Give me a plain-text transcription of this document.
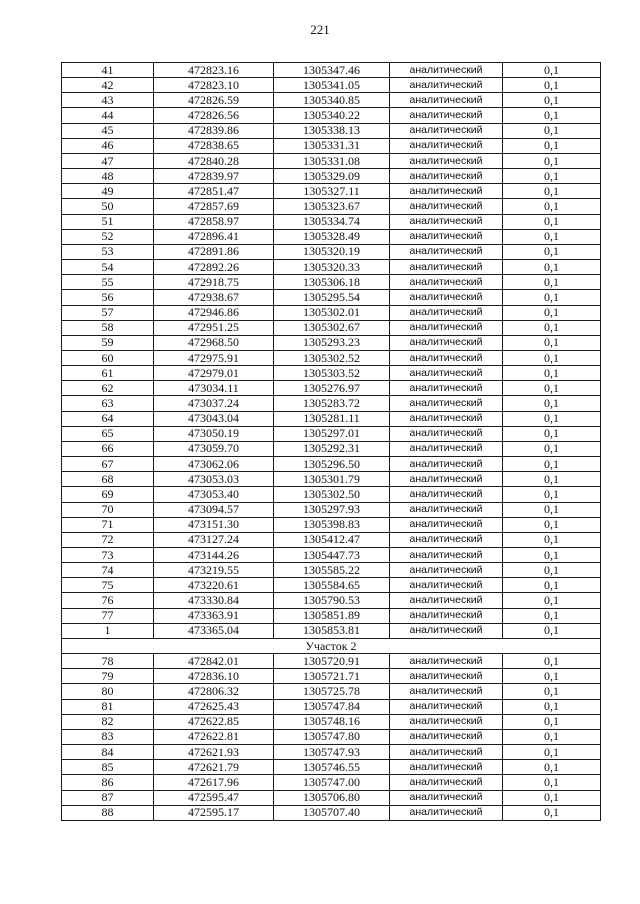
221
41	472823.16	1305347.46	аналитический	0,1
42	472823.10	1305341.05	аналитический	0,1
43	472826.59	1305340.85	аналитический	0,1
44	472826.56	1305340.22	аналитический	0,1
45	472839.86	1305338.13	аналитический	0,1
46	472838.65	1305331.31	аналитический	0,1
47	472840.28	1305331.08	аналитический	0,1
48	472839.97	1305329.09	аналитический	0,1
49	472851.47	1305327.11	аналитический	0,1
50	472857.69	1305323.67	аналитический	0,1
51	472858.97	1305334.74	аналитический	0,1
52	472896.41	1305328.49	аналитический	0,1
53	472891.86	1305320.19	аналитический	0,1
54	472892.26	1305320.33	аналитический	0,1
55	472918.75	1305306.18	аналитический	0,1
56	472938.67	1305295.54	аналитический	0,1
57	472946.86	1305302.01	аналитический	0,1
58	472951.25	1305302.67	аналитический	0,1
59	472968.50	1305293.23	аналитический	0,1
60	472975.91	1305302.52	аналитический	0,1
61	472979.01	1305303.52	аналитический	0,1
62	473034.11	1305276.97	аналитический	0,1
63	473037.24	1305283.72	аналитический	0,1
64	473043.04	1305281.11	аналитический	0,1
65	473050.19	1305297.01	аналитический	0,1
66	473059.70	1305292.31	аналитический	0,1
67	473062.06	1305296.50	аналитический	0,1
68	473053.03	1305301.79	аналитический	0,1
69	473053.40	1305302.50	аналитический	0,1
70	473094.57	1305297.93	аналитический	0,1
71	473151.30	1305398.83	аналитический	0,1
72	473127.24	1305412.47	аналитический	0,1
73	473144.26	1305447.73	аналитический	0,1
74	473219.55	1305585.22	аналитический	0,1
75	473220.61	1305584.65	аналитический	0,1
76	473330.84	1305790.53	аналитический	0,1
77	473363.91	1305851.89	аналитический	0,1
1	473365.04	1305853.81	аналитический	0,1
Участок 2				
78	472842.01	1305720.91	аналитический	0,1
79	472836.10	1305721.71	аналитический	0,1
80	472806.32	1305725.78	аналитический	0,1
81	472625.43	1305747.84	аналитический	0,1
82	472622.85	1305748.16	аналитический	0,1
83	472622.81	1305747.80	аналитический	0,1
84	472621.93	1305747.93	аналитический	0,1
85	472621.79	1305746.55	аналитический	0,1
86	472617.96	1305747.00	аналитический	0,1
87	472595.47	1305706.80	аналитический	0,1
88	472595.17	1305707.40	аналитический	0,1
